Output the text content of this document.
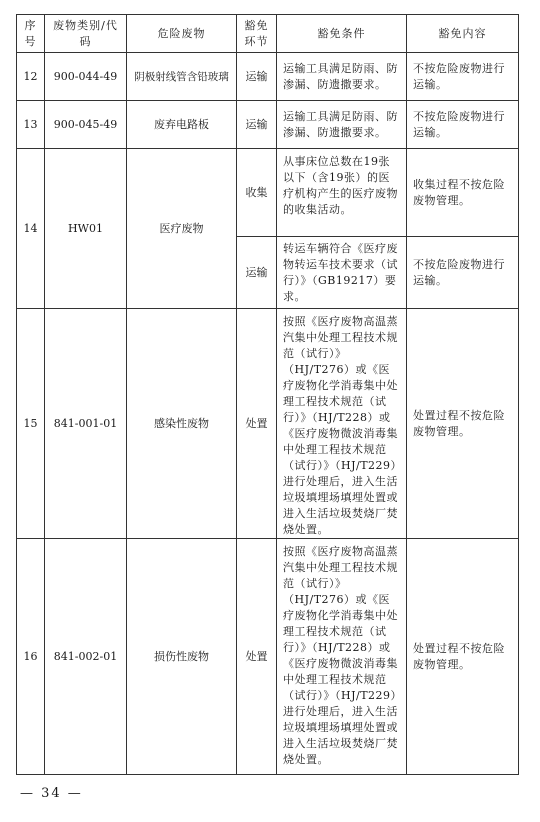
序号	废物类别/代码	危险废物	豁免环节	豁免条件	豁免内容
12	900-044-49	阴极射线管含铅玻璃	运输	运输工具满足防雨、防渗漏、防遗撒要求。	不按危险废物进行运输。
13	900-045-49	废弃电路板	运输	运输工具满足防雨、防渗漏、防遗撒要求。	不按危险废物进行运输。
14	HW01	医疗废物	收集	从事床位总数在19张以下（含19张）的医疗机构产生的医疗废物的收集活动。	收集过程不按危险废物管理。
			运输	转运车辆符合《医疗废物转运车技术要求（试行）》（GB19217）要求。	不按危险废物进行运输。
15	841-001-01	感染性废物	处置	按照《医疗废物高温蒸汽集中处理工程技术规范（试行）》（HJ/T276）或《医疗废物化学消毒集中处理工程技术规范（试行）》（HJ/T228）或《医疗废物微波消毒集中处理工程技术规范（试行）》（HJ/T229）进行处理后，进入生活垃圾填埋场填埋处置或进入生活垃圾焚烧厂焚烧处置。	处置过程不按危险废物管理。
16	841-002-01	损伤性废物	处置	按照《医疗废物高温蒸汽集中处理工程技术规范（试行）》（HJ/T276）或《医疗废物化学消毒集中处理工程技术规范（试行）》（HJ/T228）或《医疗废物微波消毒集中处理工程技术规范（试行）》（HJ/T229）进行处理后，进入生活垃圾填埋场填埋处置或进入生活垃圾焚烧厂焚烧处置。	处置过程不按危险废物管理。
— 34 —
